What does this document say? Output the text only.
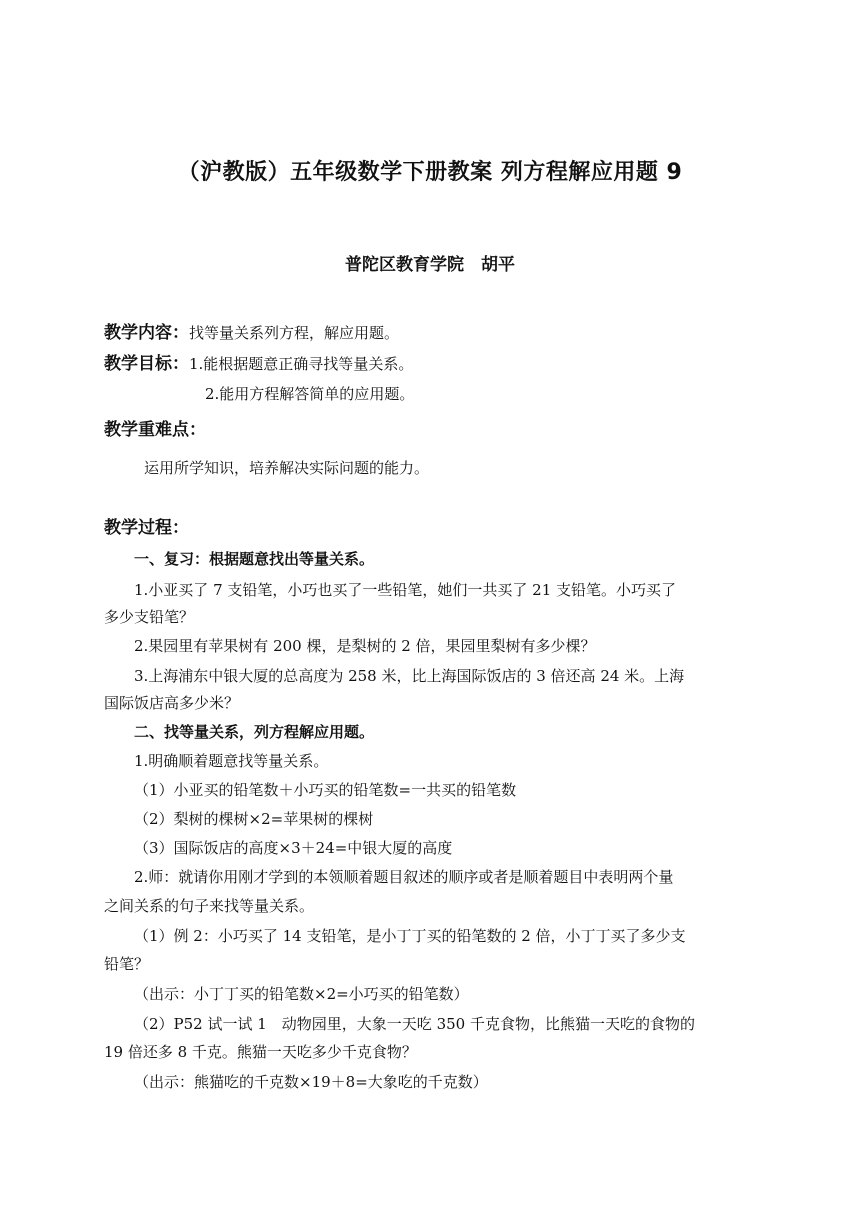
（沪教版）五年级数学下册教案 列方程解应用题 9
普陀区教育学院　胡平
教学内容：找等量关系列方程，解应用题。
教学目标：1.能根据题意正确寻找等量关系。
2.能用方程解答简单的应用题。
教学重难点：
运用所学知识，培养解决实际问题的能力。
教学过程：
一、复习：根据题意找出等量关系。
1.小亚买了 7 支铅笔，小巧也买了一些铅笔，她们一共买了 21 支铅笔。小巧买了
多少支铅笔？
2.果园里有苹果树有 200 棵，是梨树的 2 倍，果园里梨树有多少棵？
3.上海浦东中银大厦的总高度为 258 米，比上海国际饭店的 3 倍还高 24 米。上海
国际饭店高多少米？
二、找等量关系，列方程解应用题。
1.明确顺着题意找等量关系。
（1）小亚买的铅笔数＋小巧买的铅笔数=一共买的铅笔数
（2）梨树的棵树×2=苹果树的棵树
（3）国际饭店的高度×3＋24=中银大厦的高度
2.师：就请你用刚才学到的本领顺着题目叙述的顺序或者是顺着题目中表明两个量
之间关系的句子来找等量关系。
（1）例 2：小巧买了 14 支铅笔，是小丁丁买的铅笔数的 2 倍，小丁丁买了多少支
铅笔？
（出示：小丁丁买的铅笔数×2=小巧买的铅笔数）
（2）P52 试一试 1　动物园里，大象一天吃 350 千克食物，比熊猫一天吃的食物的
19 倍还多 8 千克。熊猫一天吃多少千克食物？
（出示：熊猫吃的千克数×19＋8=大象吃的千克数）
